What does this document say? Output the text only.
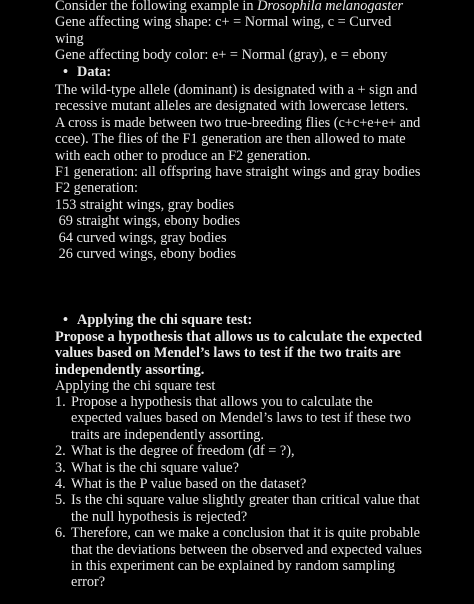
Consider the following example in Drosophila melanogaster
Gene affecting wing shape: c+ = Normal wing, c = Curved
wing
Gene affecting body color: e+ = Normal (gray), e = ebony
• Data:
The wild-type allele (dominant) is designated with a + sign and
recessive mutant alleles are designated with lowercase letters.
A cross is made between two true-breeding flies (c+c+e+e+ and
ccee). The flies of the F1 generation are then allowed to mate
with each other to produce an F2 generation.
F1 generation: all offspring have straight wings and gray bodies
F2 generation:
153 straight wings, gray bodies
69 straight wings, ebony bodies
64 curved wings, gray bodies
26 curved wings, ebony bodies
• Applying the chi square test:
Propose a hypothesis that allows us to calculate the expected
values based on Mendel’s laws to test if the two traits are
independently assorting.
Applying the chi square test
1. Propose a hypothesis that allows you to calculate the
expected values based on Mendel’s laws to test if these two
traits are independently assorting.
2. What is the degree of freedom (df = ?),
3. What is the chi square value?
4. What is the P value based on the dataset?
5. Is the chi square value slightly greater than critical value that
the null hypothesis is rejected?
6. Therefore, can we make a conclusion that it is quite probable
that the deviations between the observed and expected values
in this experiment can be explained by random sampling
error?
